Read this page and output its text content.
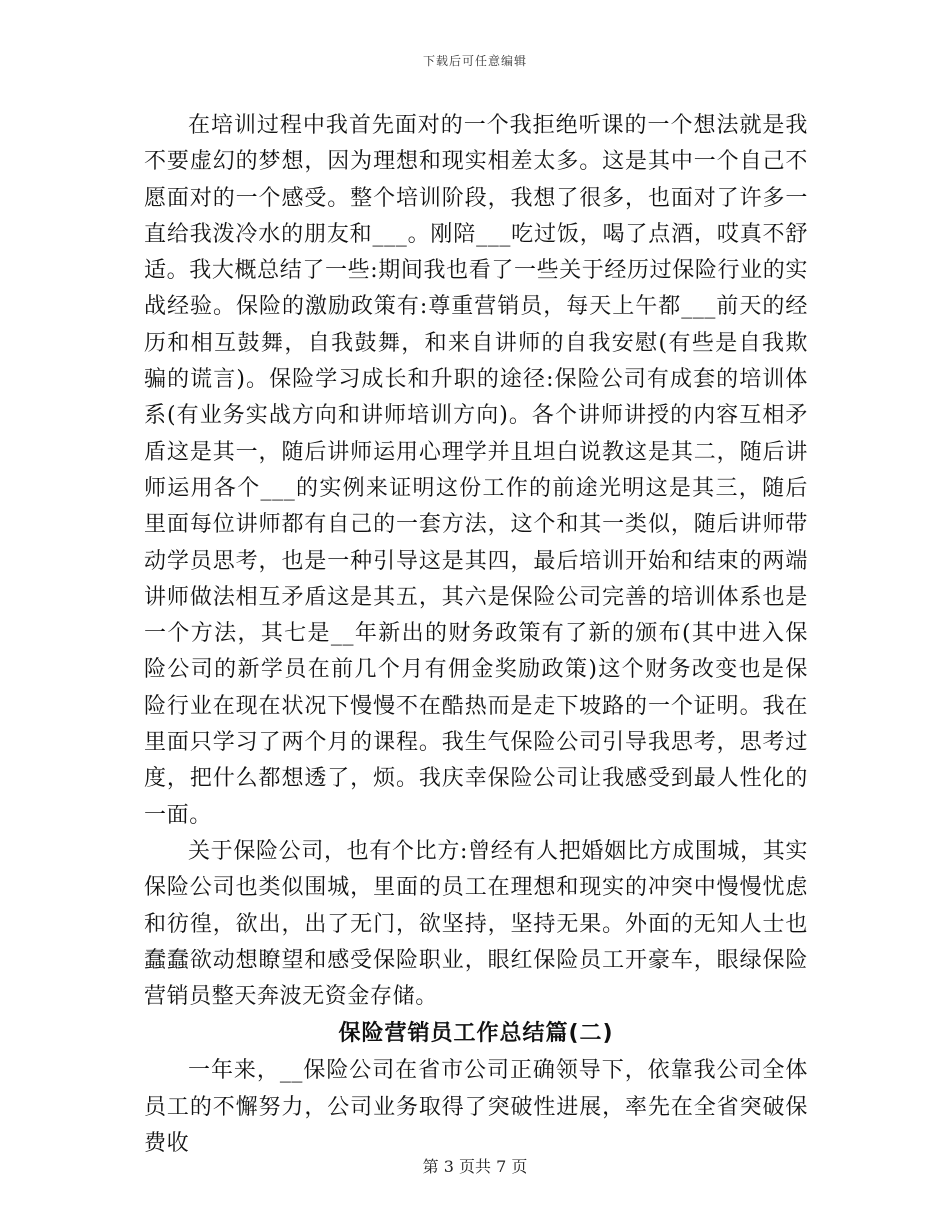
下载后可任意编辑

在培训过程中我首先面对的一个我拒绝听课的一个想法就是我不要虚幻的梦想，因为理想和现实相差太多。这是其中一个自己不愿面对的一个感受。整个培训阶段，我想了很多，也面对了许多一直给我泼冷水的朋友和___。刚陪___吃过饭，喝了点酒，哎真不舒适。我大概总结了一些:期间我也看了一些关于经历过保险行业的实战经验。保险的激励政策有:尊重营销员，每天上午都___前天的经历和相互鼓舞，自我鼓舞，和来自讲师的自我安慰(有些是自我欺骗的谎言)。保险学习成长和升职的途径:保险公司有成套的培训体系(有业务实战方向和讲师培训方向)。各个讲师讲授的内容互相矛盾这是其一，随后讲师运用心理学并且坦白说教这是其二，随后讲师运用各个___的实例来证明这份工作的前途光明这是其三，随后里面每位讲师都有自己的一套方法，这个和其一类似，随后讲师带动学员思考，也是一种引导这是其四，最后培训开始和结束的两端讲师做法相互矛盾这是其五，其六是保险公司完善的培训体系也是一个方法，其七是__年新出的财务政策有了新的颁布(其中进入保险公司的新学员在前几个月有佣金奖励政策)这个财务改变也是保险行业在现在状况下慢慢不在酷热而是走下坡路的一个证明。我在里面只学习了两个月的课程。我生气保险公司引导我思考，思考过度，把什么都想透了，烦。我庆幸保险公司让我感受到最人性化的一面。

关于保险公司，也有个比方:曾经有人把婚姻比方成围城，其实保险公司也类似围城，里面的员工在理想和现实的冲突中慢慢忧虑和彷徨，欲出，出了无门，欲坚持，坚持无果。外面的无知人士也蠢蠢欲动想瞭望和感受保险职业，眼红保险员工开豪车，眼绿保险营销员整天奔波无资金存储。

保险营销员工作总结篇(二)

一年来，__保险公司在省市公司正确领导下，依靠我公司全体员工的不懈努力，公司业务取得了突破性进展，率先在全省突破保费收

第 3 页共 7 页
